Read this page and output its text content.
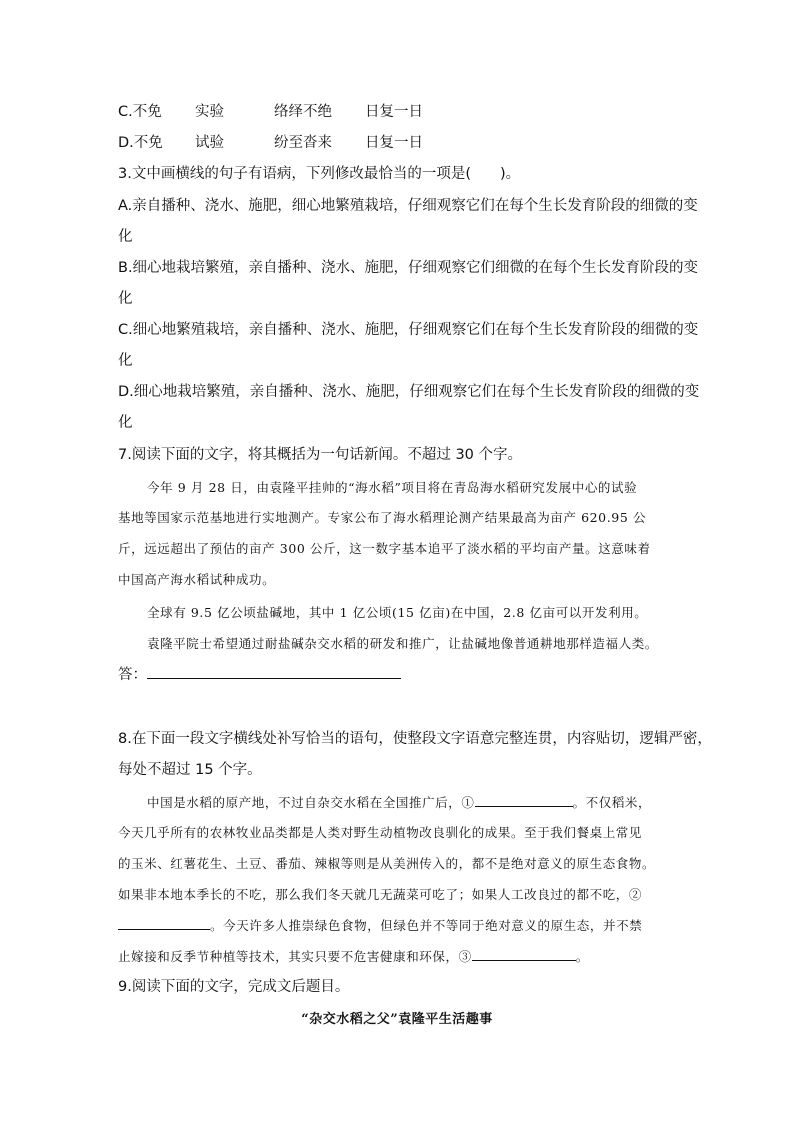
C.不免 实验	络绎不绝 日复一日
D.不免 试验	纷至沓来 日复一日
3.文中画横线的句子有语病，下列修改最恰当的一项是(　　)。
A.亲自播种、浇水、施肥，细心地繁殖栽培，仔细观察它们在每个生长发育阶段的细微的变
化
B.细心地栽培繁殖，亲自播种、浇水、施肥，仔细观察它们细微的在每个生长发育阶段的变
化
C.细心地繁殖栽培，亲自播种、浇水、施肥，仔细观察它们在每个生长发育阶段的细微的变
化
D.细心地栽培繁殖，亲自播种、浇水、施肥，仔细观察它们在每个生长发育阶段的细微的变
化
7.阅读下面的文字，将其概括为一句话新闻。不超过 30 个字。
今年 9 月 28 日，由袁隆平挂帅的“海水稻”项目将在青岛海水稻研究发展中心的试验
基地等国家示范基地进行实地测产。专家公布了海水稻理论测产结果最高为亩产 620.95 公
斤，远远超出了预估的亩产 300 公斤，这一数字基本追平了淡水稻的平均亩产量。这意味着
中国高产海水稻试种成功。
全球有 9.5 亿公顷盐碱地，其中 1 亿公顷(15 亿亩)在中国，2.8 亿亩可以开发利用。
袁隆平院士希望通过耐盐碱杂交水稻的研发和推广，让盐碱地像普通耕地那样造福人类。
答：
8.在下面一段文字横线处补写恰当的语句，使整段文字语意完整连贯，内容贴切，逻辑严密，
每处不超过 15 个字。
中国是水稻的原产地，不过自杂交水稻在全国推广后，①	。不仅稻米，
今天几乎所有的农林牧业品类都是人类对野生动植物改良驯化的成果。至于我们餐桌上常见
的玉米、红薯花生、土豆、番茄、辣椒等则是从美洲传入的，都不是绝对意义的原生态食物。
如果非本地本季长的不吃，那么我们冬天就几无蔬菜可吃了；如果人工改良过的都不吃，②
。今天许多人推崇绿色食物，但绿色并不等同于绝对意义的原生态，并不禁
止嫁接和反季节种植等技术，其实只要不危害健康和环保，③	。
9.阅读下面的文字，完成文后题目。
“杂交水稻之父”袁隆平生活趣事
